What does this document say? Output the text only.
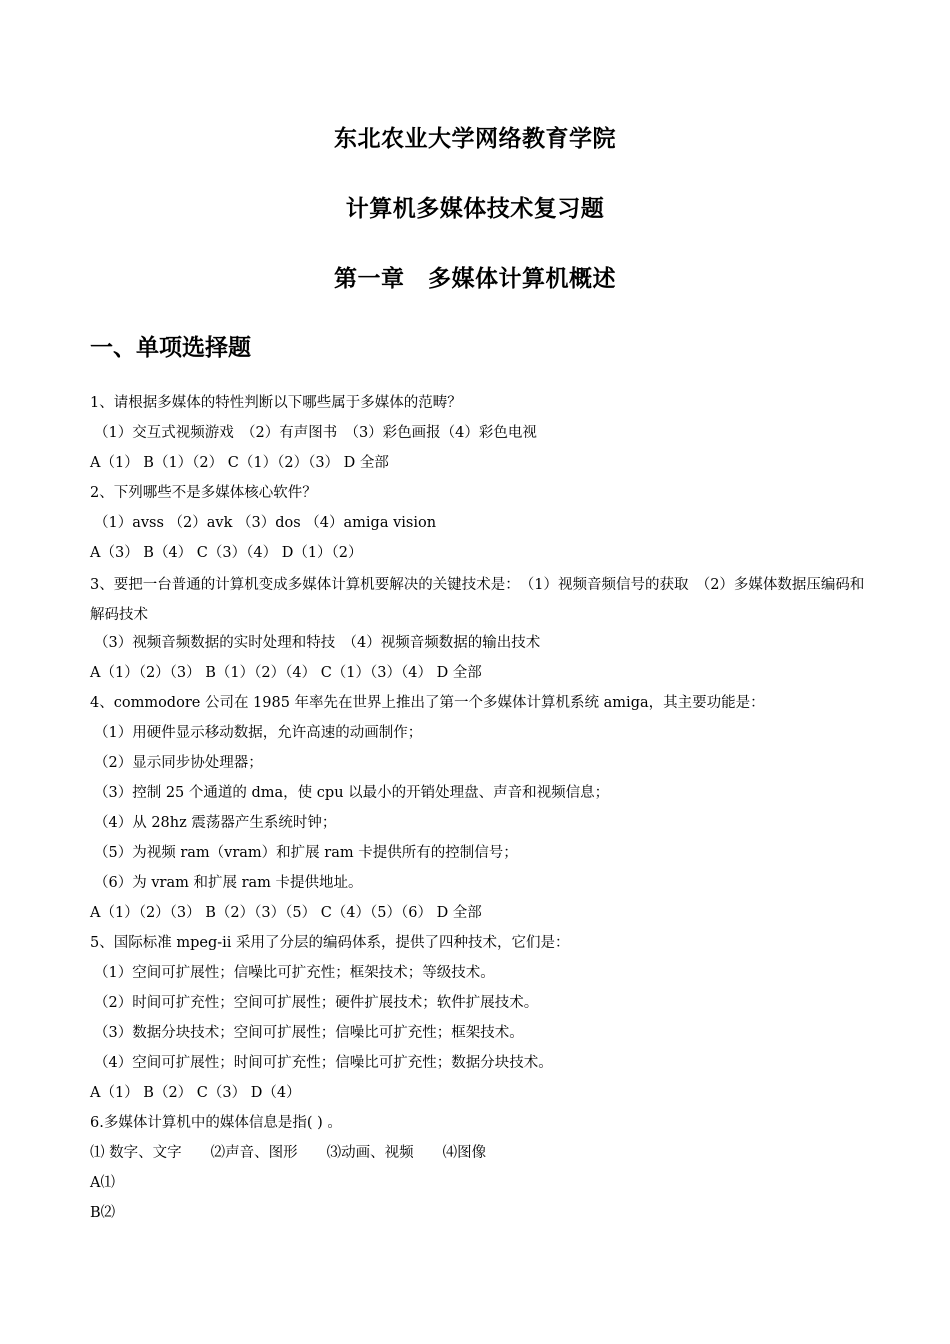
东北农业大学网络教育学院
计算机多媒体技术复习题
第一章　多媒体计算机概述
一、单项选择题
1、请根据多媒体的特性判断以下哪些属于多媒体的范畴？
（1）交互式视频游戏　（2）有声图书　（3）彩色画报（4）彩色电视
A（1） B（1）（2） C（1）（2）（3） D 全部
2、下列哪些不是多媒体核心软件？
（1）avss （2）avk （3）dos （4）amiga vision
A（3） B（4） C（3）（4） D（1）（2）
3、要把一台普通的计算机变成多媒体计算机要解决的关键技术是：　（1）视频音频信号的获取　（2）多媒体数据压编码和解码技术
（3）视频音频数据的实时处理和特技　（4）视频音频数据的输出技术
A（1）（2）（3） B（1）（2）（4） C（1）（3）（4） D 全部
4、commodore 公司在 1985 年率先在世界上推出了第一个多媒体计算机系统 amiga，其主要功能是：
（1）用硬件显示移动数据，允许高速的动画制作；
（2）显示同步协处理器；
（3）控制 25 个通道的 dma，使 cpu 以最小的开销处理盘、声音和视频信息；
（4）从 28hz 震荡器产生系统时钟；
（5）为视频 ram（vram）和扩展 ram 卡提供所有的控制信号；
（6）为 vram 和扩展 ram 卡提供地址。
A（1）（2）（3） B（2）（3）（5） C（4）（5）（6） D 全部
5、国际标准 mpeg-ii 采用了分层的编码体系，提供了四种技术，它们是：
（1）空间可扩展性；信噪比可扩充性；框架技术；等级技术。
（2）时间可扩充性；空间可扩展性；硬件扩展技术；软件扩展技术。
（3）数据分块技术；空间可扩展性；信噪比可扩充性；框架技术。
（4）空间可扩展性；时间可扩充性；信噪比可扩充性；数据分块技术。
A（1） B（2） C（3） D（4）
6.多媒体计算机中的媒体信息是指( ) 。
⑴ 数字、文字　　⑵声音、图形　　⑶动画、视频　　⑷图像
A⑴
B⑵
